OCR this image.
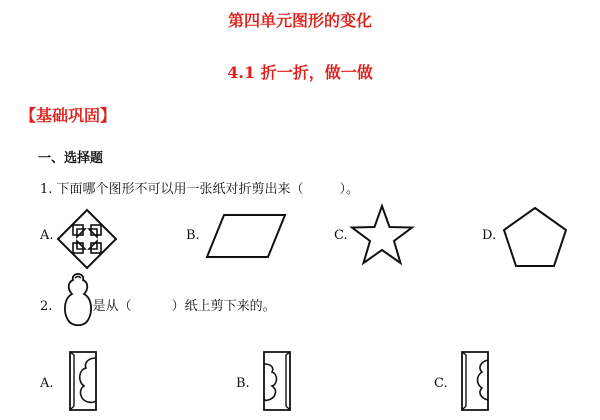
第四单元图形的变化
4.1 折一折，做一做
【基础巩固】
一、选择题
1. 下面哪个图形不可以用一张纸对折剪出来（	）。
A.	B.	C.	D.
2.	是从（	）纸上剪下来的。
A.	B.	C.
